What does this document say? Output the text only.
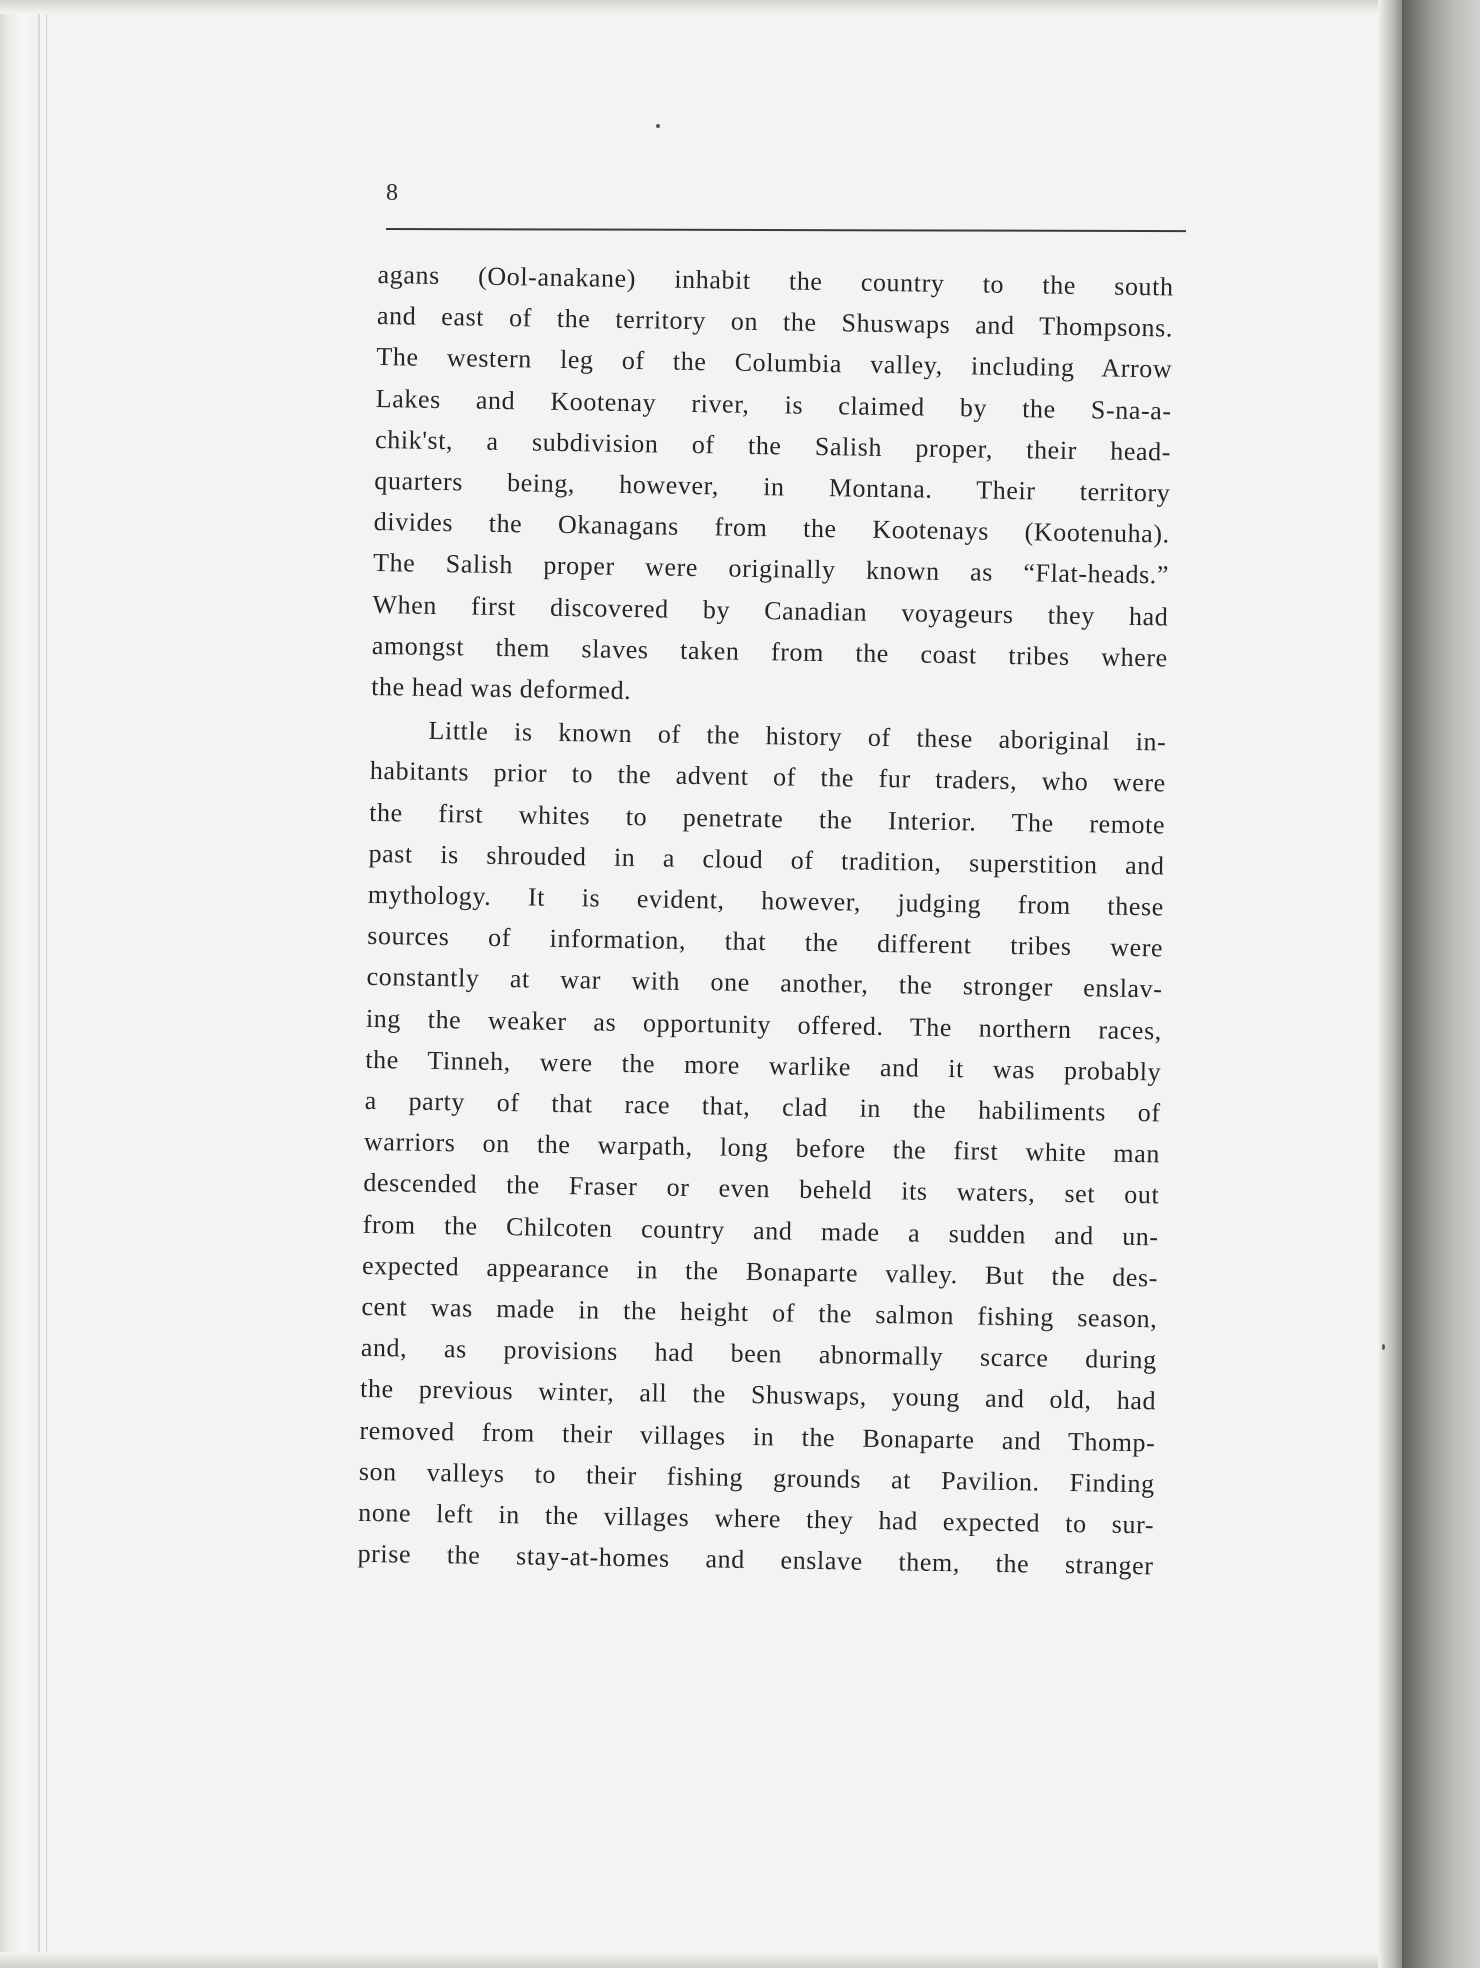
8

agans (Ool-anakane) inhabit the country to the south
and east of the territory on the Shuswaps and Thompsons.
The western leg of the Columbia valley, including Arrow
Lakes and Kootenay river, is claimed by the S-na-a-
chik'st, a subdivision of the Salish proper, their head-
quarters being, however, in Montana. Their territory
divides the Okanagans from the Kootenays (Kootenuha).
The Salish proper were originally known as “Flat-heads.”
When first discovered by Canadian voyageurs they had
amongst them slaves taken from the coast tribes where
the head was deformed.

Little is known of the history of these aboriginal in-
habitants prior to the advent of the fur traders, who were
the first whites to penetrate the Interior. The remote
past is shrouded in a cloud of tradition, superstition and
mythology. It is evident, however, judging from these
sources of information, that the different tribes were
constantly at war with one another, the stronger enslav-
ing the weaker as opportunity offered. The northern races,
the Tinneh, were the more warlike and it was probably
a party of that race that, clad in the habiliments of
warriors on the warpath, long before the first white man
descended the Fraser or even beheld its waters, set out
from the Chilcoten country and made a sudden and un-
expected appearance in the Bonaparte valley. But the des-
cent was made in the height of the salmon fishing season,
and, as provisions had been abnormally scarce during
the previous winter, all the Shuswaps, young and old, had
removed from their villages in the Bonaparte and Thomp-
son valleys to their fishing grounds at Pavilion. Finding
none left in the villages where they had expected to sur-
prise the stay-at-homes and enslave them, the stranger
